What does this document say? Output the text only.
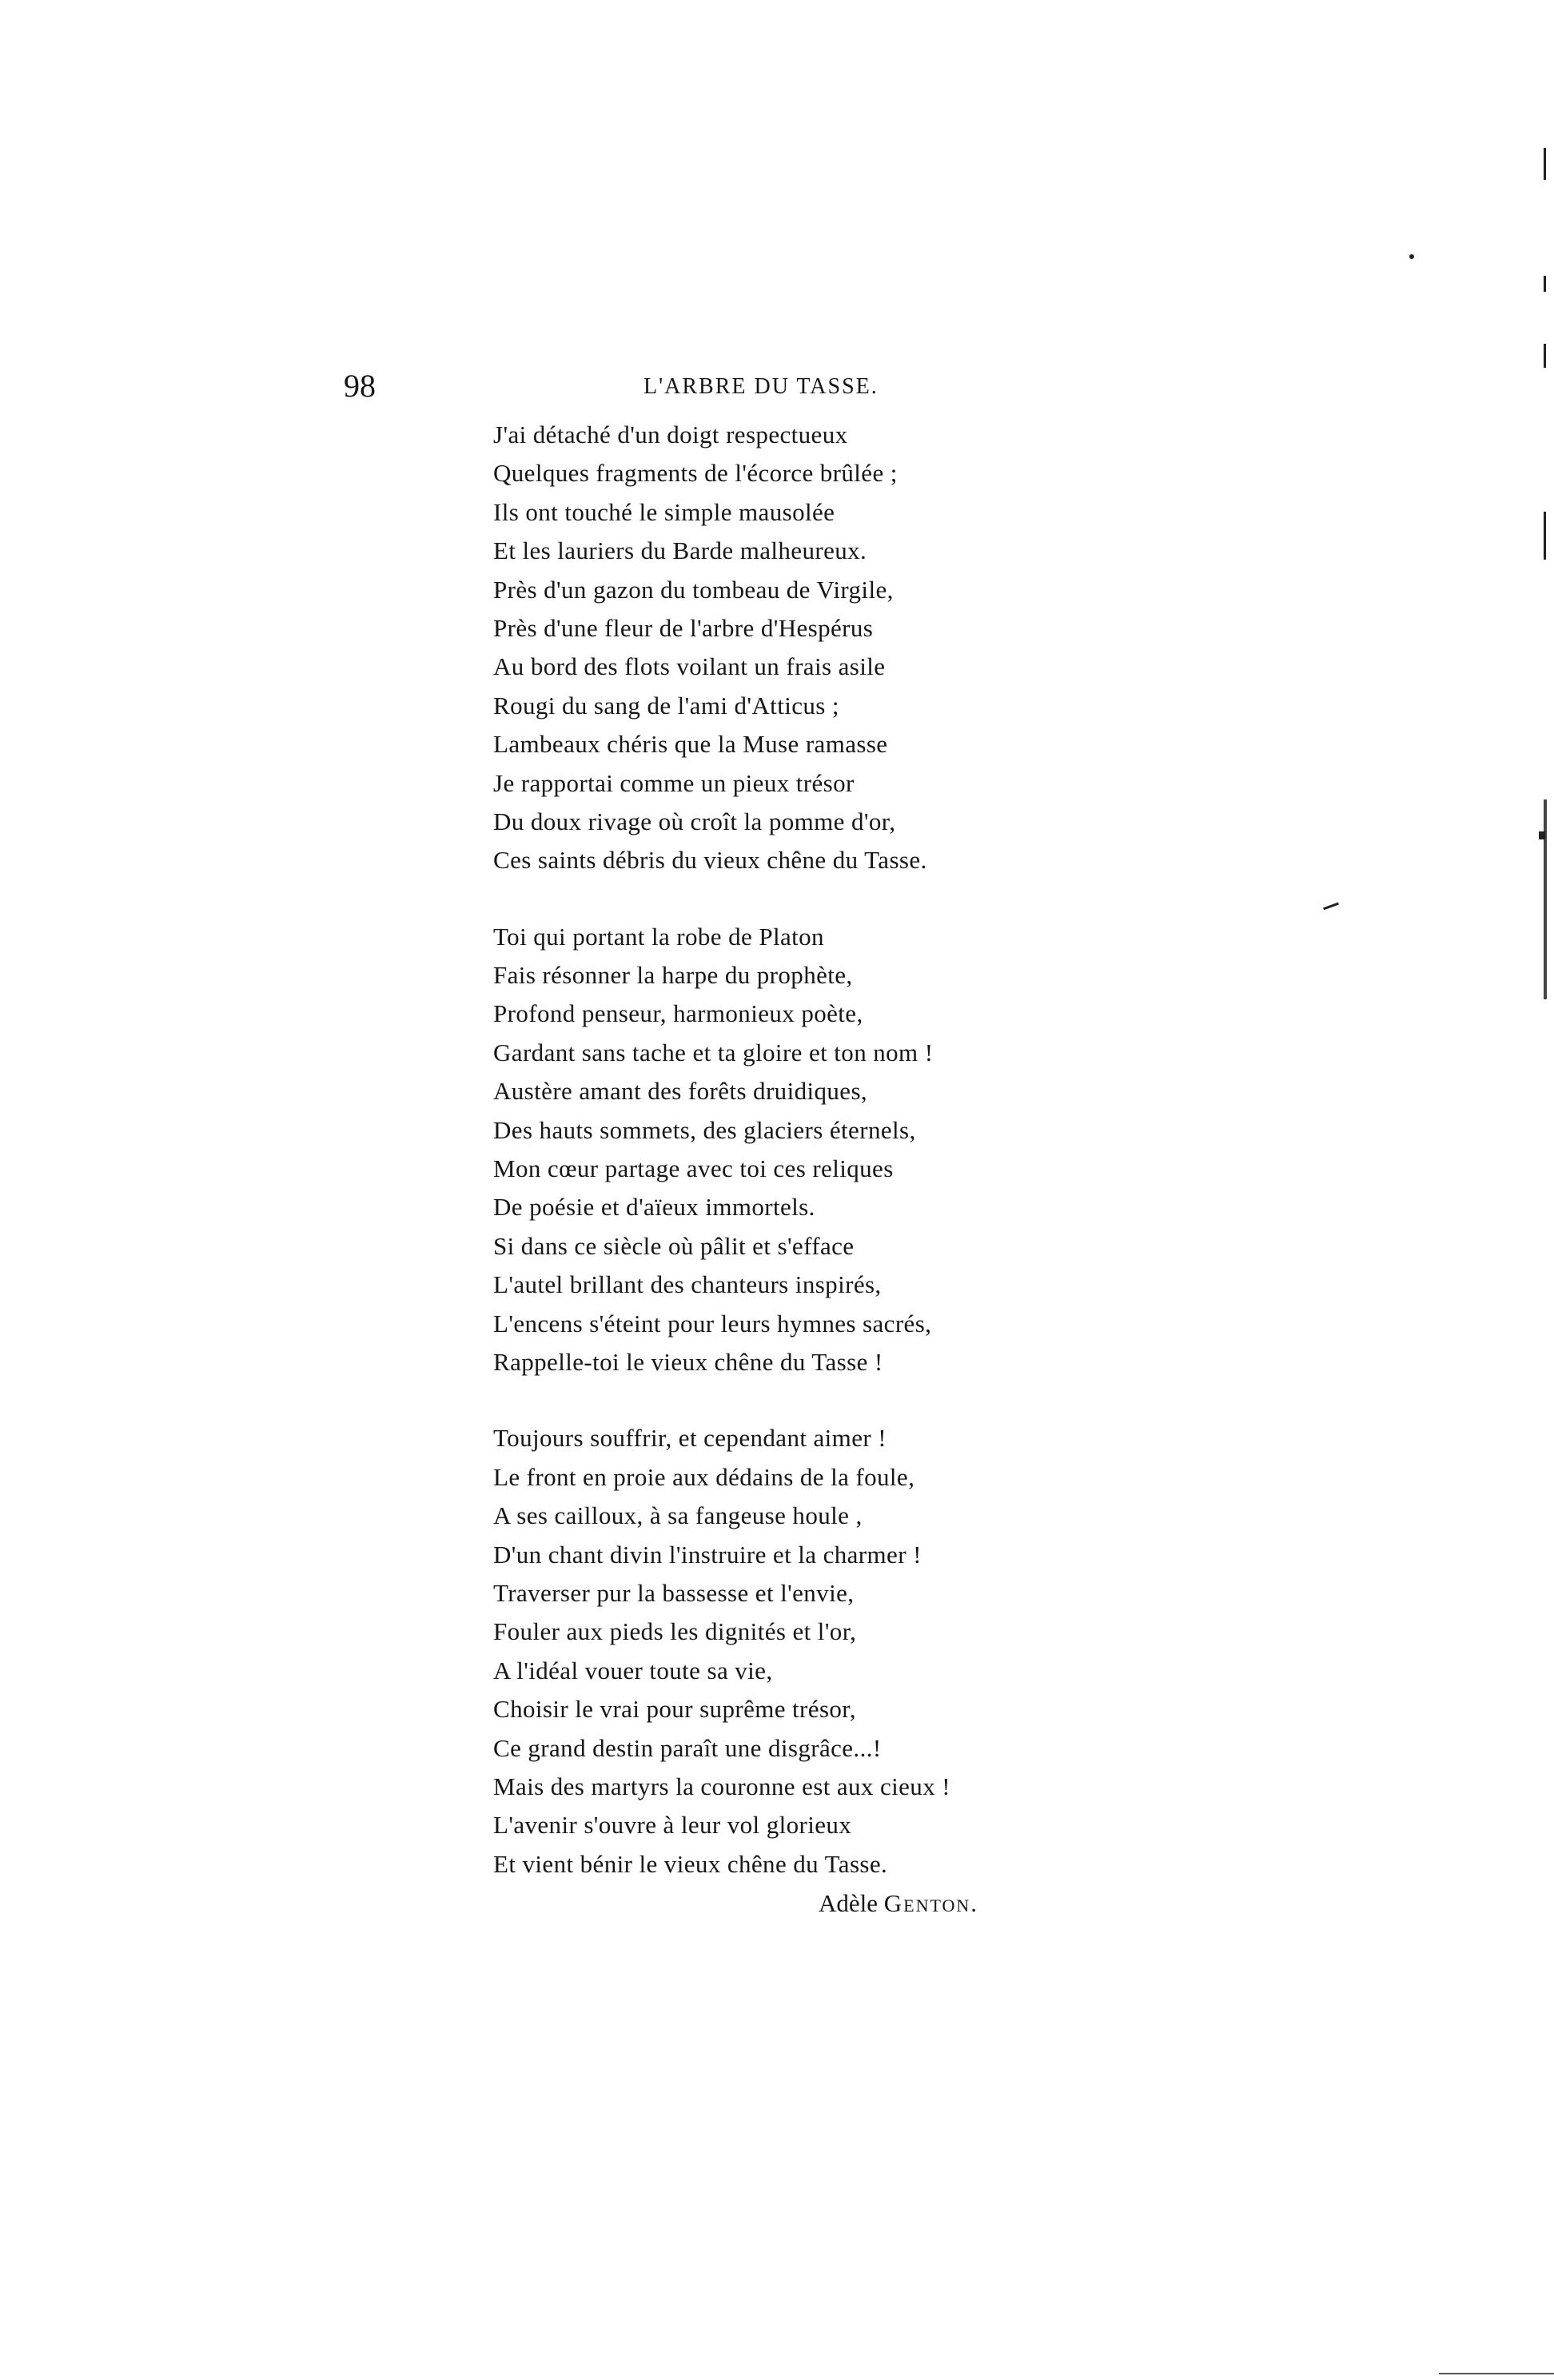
98	L'ARBRE DU TASSE.
J'ai détaché d'un doigt respectueux
Quelques fragments de l'écorce brûlée ;
Ils ont touché le simple mausolée
Et les lauriers du Barde malheureux.
Près d'un gazon du tombeau de Virgile,
Près d'une fleur de l'arbre d'Hespérus
Au bord des flots voilant un frais asile
Rougi du sang de l'ami d'Atticus ;
Lambeaux chéris que la Muse ramasse
Je rapportai comme un pieux trésor
Du doux rivage où croît la pomme d'or,
Ces saints débris du vieux chêne du Tasse.
Toi qui portant la robe de Platon
Fais résonner la harpe du prophète,
Profond penseur, harmonieux poète,
Gardant sans tache et ta gloire et ton nom !
Austère amant des forêts druidiques,
Des hauts sommets, des glaciers éternels,
Mon cœur partage avec toi ces reliques
De poésie et d'aïeux immortels.
Si dans ce siècle où pâlit et s'efface
L'autel brillant des chanteurs inspirés,
L'encens s'éteint pour leurs hymnes sacrés,
Rappelle-toi le vieux chêne du Tasse !
Toujours souffrir, et cependant aimer !
Le front en proie aux dédains de la foule,
A ses cailloux, à sa fangeuse houle ,
D'un chant divin l'instruire et la charmer !
Traverser pur la bassesse et l'envie,
Fouler aux pieds les dignités et l'or,
A l'idéal vouer toute sa vie,
Choisir le vrai pour suprême trésor,
Ce grand destin paraît une disgrâce...!
Mais des martyrs la couronne est aux cieux !
L'avenir s'ouvre à leur vol glorieux
Et vient bénir le vieux chêne du Tasse.
Adèle Genton.
